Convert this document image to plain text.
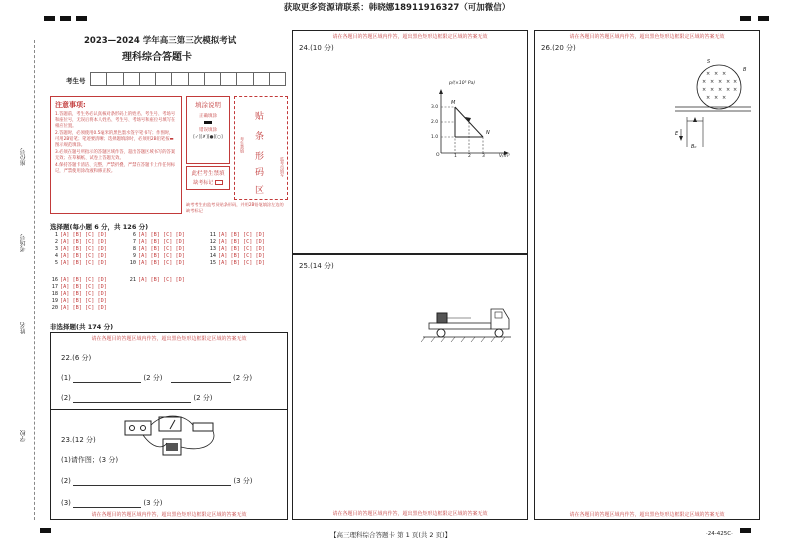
获取更多资源请联系：韩晓娜18911916327（可加微信）
座位号
考场号
姓名
学校
2023—2024 学年高三第三次模拟考试
理科综合答题卡
考生号
注意事项:
1.答题前，考生务必认真核对条形码上的姓名、考生号、考场号和座位号，无误后将本人姓名、考生号、考场号和座位号填写在相应位置。
2.答题时，必须使用0.5毫米的黑色墨水签字笔书写；作图时，可用2B铅笔；笔迹要清晰；选择题填涂时，必须用2B铅笔按▬图示规范填涂。
3.必须在题号所指示的答题区域作答，超出答题区域书写的答案无效；在草稿纸、试卷上答题无效。
4.保持答题卡清洁、完整，严禁折叠，严禁在答题卡上作任何标记，严禁使用涂改液和修正胶。
填涂说明
正确填涂
错误填涂
[✓][✗][●][○]
此栏考生禁填
缺考标记
考生禁填
监考员填写
贴
条
形
码
区
缺考考生由监考员贴条形码，并用2B铅笔填涂左边的缺考标记
选择题(每小题 6 分，共 126 分)
1 [A] [B] [C] [D]
2 [A] [B] [C] [D]
3 [A] [B] [C] [D]
4 [A] [B] [C] [D]
5 [A] [B] [C] [D]
6 [A] [B] [C] [D]
7 [A] [B] [C] [D]
8 [A] [B] [C] [D]
9 [A] [B] [C] [D]
10 [A] [B] [C] [D]
11 [A] [B] [C] [D]
12 [A] [B] [C] [D]
13 [A] [B] [C] [D]
14 [A] [B] [C] [D]
15 [A] [B] [C] [D]
16 [A] [B] [C] [D]
17 [A] [B] [C] [D]
18 [A] [B] [C] [D]
19 [A] [B] [C] [D]
20 [A] [B] [C] [D]
21 [A] [B] [C] [D]
非选择题(共 174 分)
请在各题目的答题区域内作答，超出黑色矩形边框限定区域的答案无效
22.(6 分)
(1)	(2 分)	(2 分)
(2)	(2 分)
23.(12 分)
(1)请作图；(3 分)
(2)	(3 分)
(3)	(3 分)
请在各题目的答题区域内作答，超出黑色矩形边框限定区域的答案无效
请在各题目的答题区域内作答，超出黑色矩形边框限定区域的答案无效
24.(10 分)
p/(×10⁵ Pa)
3.0
2.0
1.0
O	1 2 3	V/m³
M
N
25.(14 分)
请在各题目的答题区域内作答，超出黑色矩形边框限定区域的答案无效
请在各题目的答题区域内作答，超出黑色矩形边框限定区域的答案无效
26.(20 分)
× × ×
× × × × ×
× × × × ×
× × ×
S
B
E
B₀
请在各题目的答题区域内作答，超出黑色矩形边框限定区域的答案无效
【高三理科综合答题卡 第 1 页(共 2 页)】	·24-425C·
